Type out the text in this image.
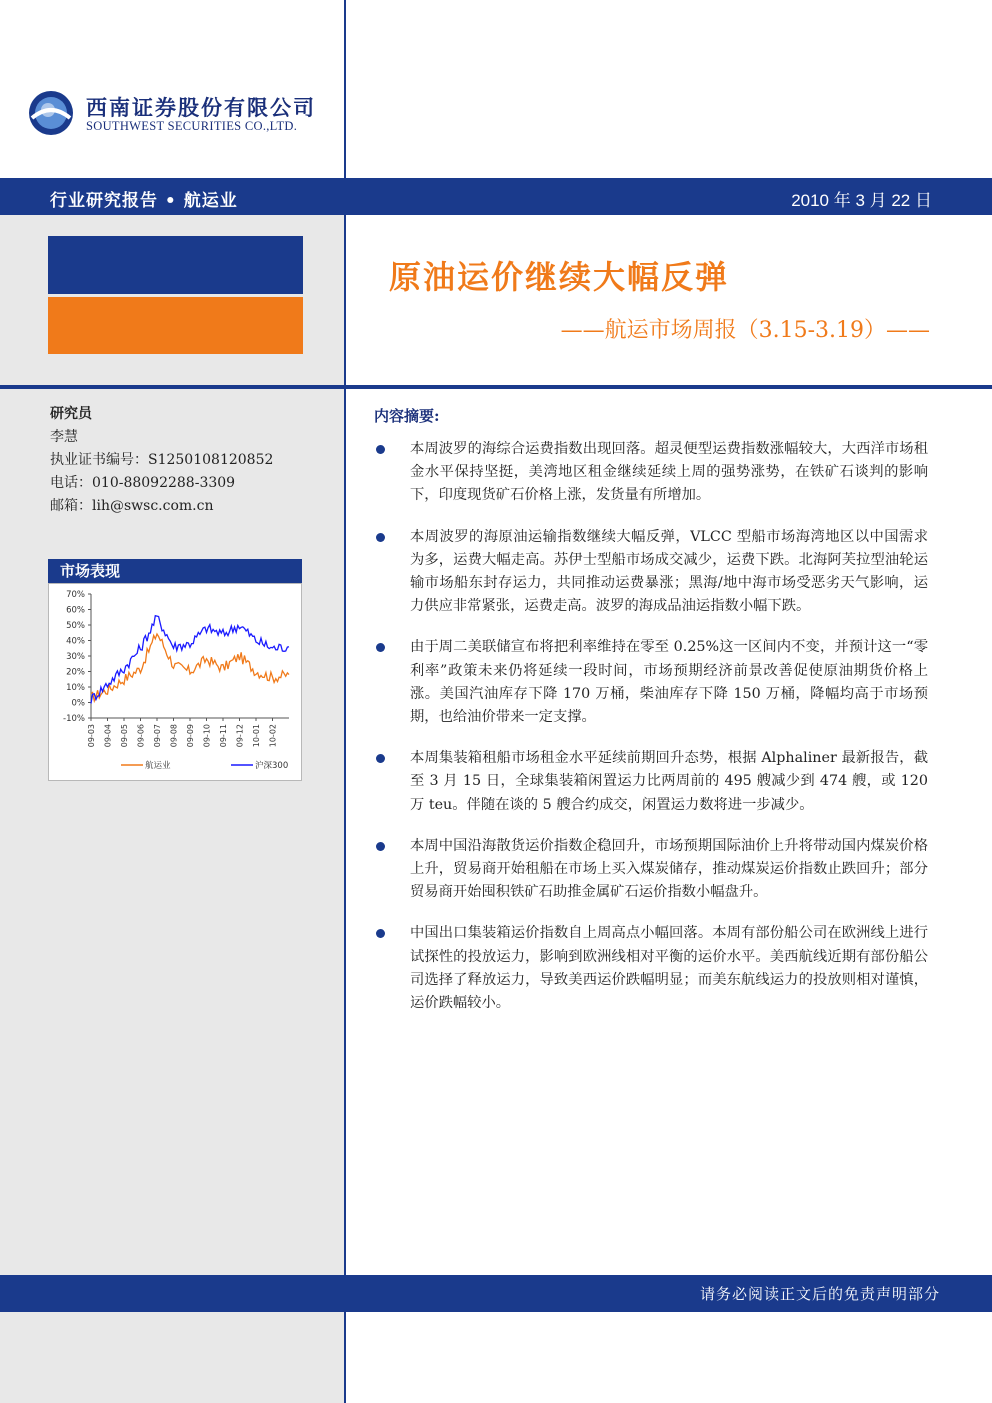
西南证券股份有限公司
SOUTHWEST SECURITIES CO.,LTD.
行业研究报告 • 航运业	2010 年 3 月 22 日
原油运价继续大幅反弹
——航运市场周报（3.15-3.19）——
研究员
李慧
执业证书编号：S1250108120852
电话：010-88092288-3309
邮箱：lih@swsc.com.cn
市场表现
70%
60%
50%
40%
30%
20%
10%
0%
-10%
09-03 09-04 09-05 09-06 09-07 09-08 09-09 09-10 09-11 09-12 10-01 10-02
航运业	沪深300
内容摘要:
本周波罗的海综合运费指数出现回落。超灵便型运费指数涨幅较大，大西洋市场租金水平保持坚挺，美湾地区租金继续延续上周的强势涨势，在铁矿石谈判的影响下，印度现货矿石价格上涨，发货量有所增加。
本周波罗的海原油运输指数继续大幅反弹，VLCC 型船市场海湾地区以中国需求为多，运费大幅走高。苏伊士型船市场成交减少，运费下跌。北海阿芙拉型油轮运输市场船东封存运力，共同推动运费暴涨；黑海/地中海市场受恶劣天气影响，运力供应非常紧张，运费走高。波罗的海成品油运指数小幅下跌。
由于周二美联储宣布将把利率维持在零至 0.25%这一区间内不变，并预计这一“零利率”政策未来仍将延续一段时间，市场预期经济前景改善促使原油期货价格上涨。美国汽油库存下降 170 万桶，柴油库存下降 150 万桶，降幅均高于市场预期，也给油价带来一定支撑。
本周集装箱租船市场租金水平延续前期回升态势，根据 Alphaliner 最新报告，截至 3 月 15 日，全球集装箱闲置运力比两周前的 495 艘减少到 474 艘，或 120 万 teu。伴随在谈的 5 艘合约成交，闲置运力数将进一步减少。
本周中国沿海散货运价指数企稳回升，市场预期国际油价上升将带动国内煤炭价格上升，贸易商开始租船在市场上买入煤炭储存，推动煤炭运价指数止跌回升；部分贸易商开始囤积铁矿石助推金属矿石运价指数小幅盘升。
中国出口集装箱运价指数自上周高点小幅回落。本周有部份船公司在欧洲线上进行试探性的投放运力，影响到欧洲线相对平衡的运价水平。美西航线近期有部份船公司选择了释放运力，导致美西运价跌幅明显；而美东航线运力的投放则相对谨慎，运价跌幅较小。
请务必阅读正文后的免责声明部分
